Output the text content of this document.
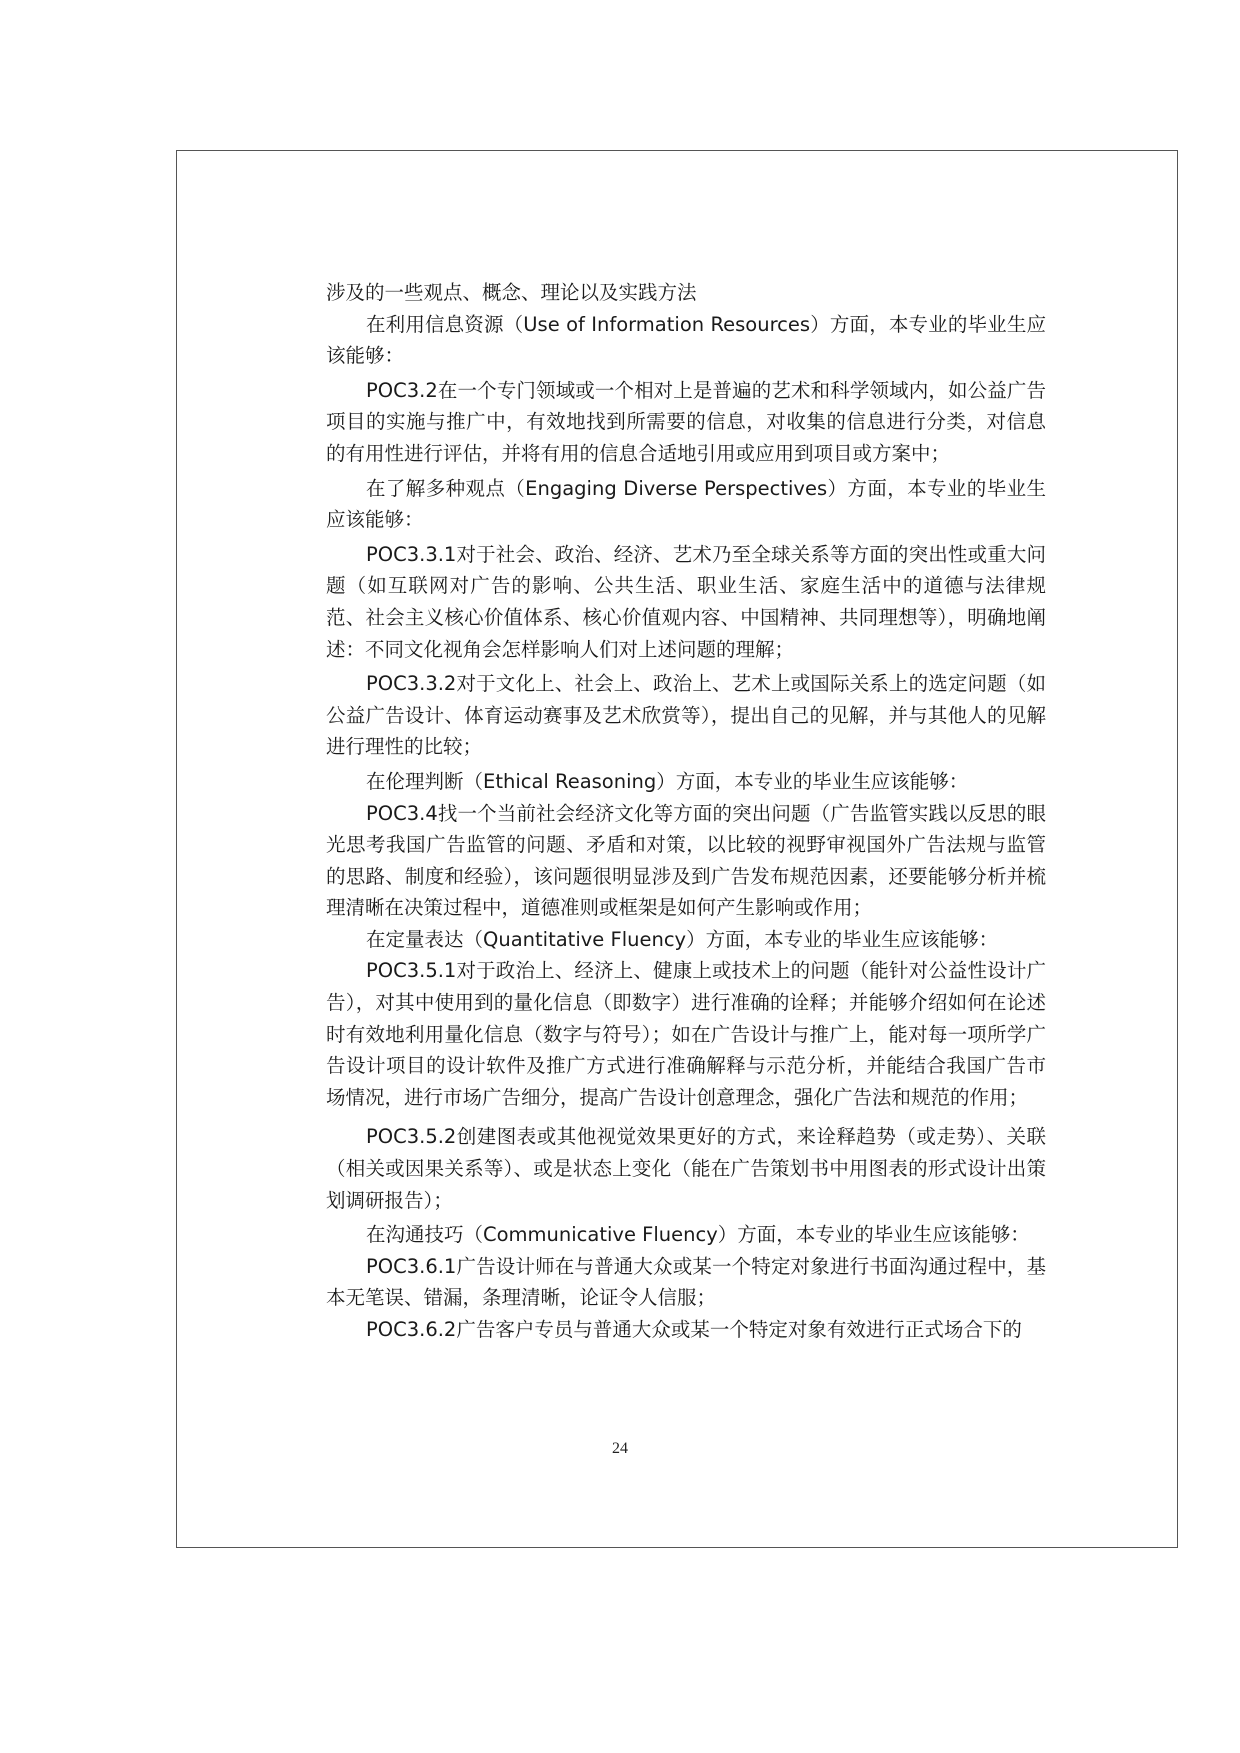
涉及的一些观点、概念、理论以及实践方法

在利用信息资源（Use of Information Resources）方面，本专业的毕业生应该能够：

POC3.2在一个专门领域或一个相对上是普遍的艺术和科学领域内，如公益广告项目的实施与推广中，有效地找到所需要的信息，对收集的信息进行分类，对信息的有用性进行评估，并将有用的信息合适地引用或应用到项目或方案中；

在了解多种观点（Engaging Diverse Perspectives）方面，本专业的毕业生应该能够：

POC3.3.1对于社会、政治、经济、艺术乃至全球关系等方面的突出性或重大问题（如互联网对广告的影响、公共生活、职业生活、家庭生活中的道德与法律规范、社会主义核心价值体系、核心价值观内容、中国精神、共同理想等），明确地阐述：不同文化视角会怎样影响人们对上述问题的理解；

POC3.3.2对于文化上、社会上、政治上、艺术上或国际关系上的选定问题（如公益广告设计、体育运动赛事及艺术欣赏等），提出自己的见解，并与其他人的见解进行理性的比较；

在伦理判断（Ethical Reasoning）方面，本专业的毕业生应该能够：

POC3.4找一个当前社会经济文化等方面的突出问题（广告监管实践以反思的眼光思考我国广告监管的问题、矛盾和对策，以比较的视野审视国外广告法规与监管的思路、制度和经验），该问题很明显涉及到广告发布规范因素，还要能够分析并梳理清晰在决策过程中，道德准则或框架是如何产生影响或作用；

在定量表达（Quantitative Fluency）方面，本专业的毕业生应该能够：

POC3.5.1对于政治上、经济上、健康上或技术上的问题（能针对公益性设计广告），对其中使用到的量化信息（即数字）进行准确的诠释；并能够介绍如何在论述时有效地利用量化信息（数字与符号）；如在广告设计与推广上，能对每一项所学广告设计项目的设计软件及推广方式进行准确解释与示范分析，并能结合我国广告市场情况，进行市场广告细分，提高广告设计创意理念，强化广告法和规范的作用；

POC3.5.2创建图表或其他视觉效果更好的方式，来诠释趋势（或走势）、关联（相关或因果关系等）、或是状态上变化（能在广告策划书中用图表的形式设计出策划调研报告）；

在沟通技巧（Communicative Fluency）方面，本专业的毕业生应该能够：

POC3.6.1广告设计师在与普通大众或某一个特定对象进行书面沟通过程中，基本无笔误、错漏，条理清晰，论证令人信服；

POC3.6.2广告客户专员与普通大众或某一个特定对象有效进行正式场合下的

24
